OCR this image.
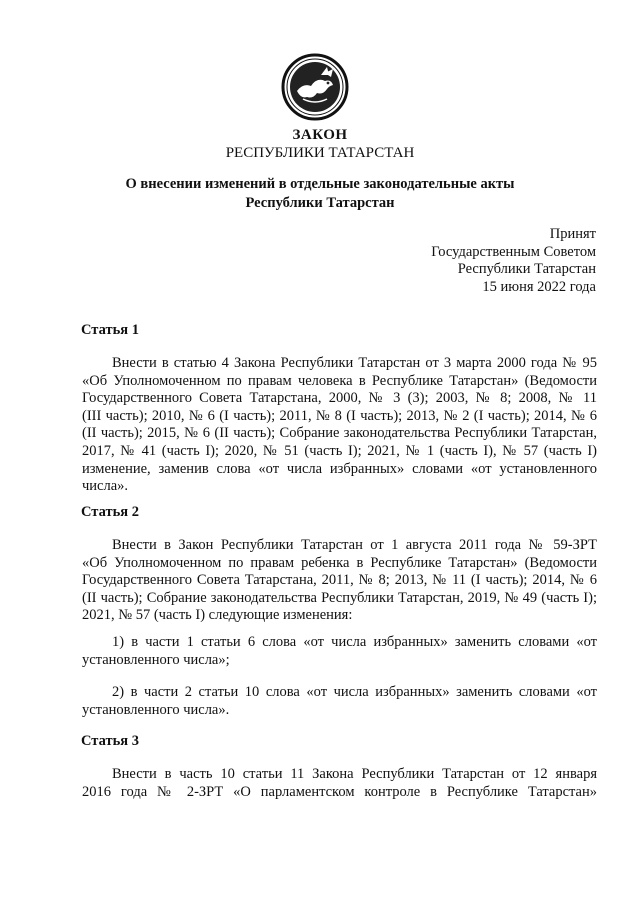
ЗАКОН
РЕСПУБЛИКИ ТАТАРСТАН
О внесении изменений в отдельные законодательные акты
Республики Татарстан
Принят
Государственным Советом
Республики Татарстан
15 июня 2022 года
Статья 1
Внести в статью 4 Закона Республики Татарстан от 3 марта 2000 года № 95
«Об Уполномоченном по правам человека в Республике Татарстан» (Ведомости
Государственного Совета Татарстана, 2000, № 3 (3); 2003, № 8; 2008, № 11
(III часть); 2010, № 6 (I часть); 2011, № 8 (I часть); 2013, № 2 (I часть); 2014, № 6
(II часть); 2015, № 6 (II часть); Собрание законодательства Республики Татарстан,
2017, № 41 (часть I); 2020, № 51 (часть I); 2021, № 1 (часть I), № 57 (часть I)
изменение, заменив слова «от числа избранных» словами «от установленного
числа».
Статья 2
Внести в Закон Республики Татарстан от 1 августа 2011 года № 59-ЗРТ
«Об Уполномоченном по правам ребенка в Республике Татарстан» (Ведомости
Государственного Совета Татарстана, 2011, № 8; 2013, № 11 (I часть); 2014, № 6
(II часть); Собрание законодательства Республики Татарстан, 2019, № 49 (часть I);
2021, № 57 (часть I) следующие изменения:
1) в части 1 статьи 6 слова «от числа избранных» заменить словами «от
установленного числа»;
2) в части 2 статьи 10 слова «от числа избранных» заменить словами «от
установленного числа».
Статья 3
Внести в часть 10 статьи 11 Закона Республики Татарстан от 12 января
2016 года № 2-ЗРТ «О парламентском контроле в Республике Татарстан»
